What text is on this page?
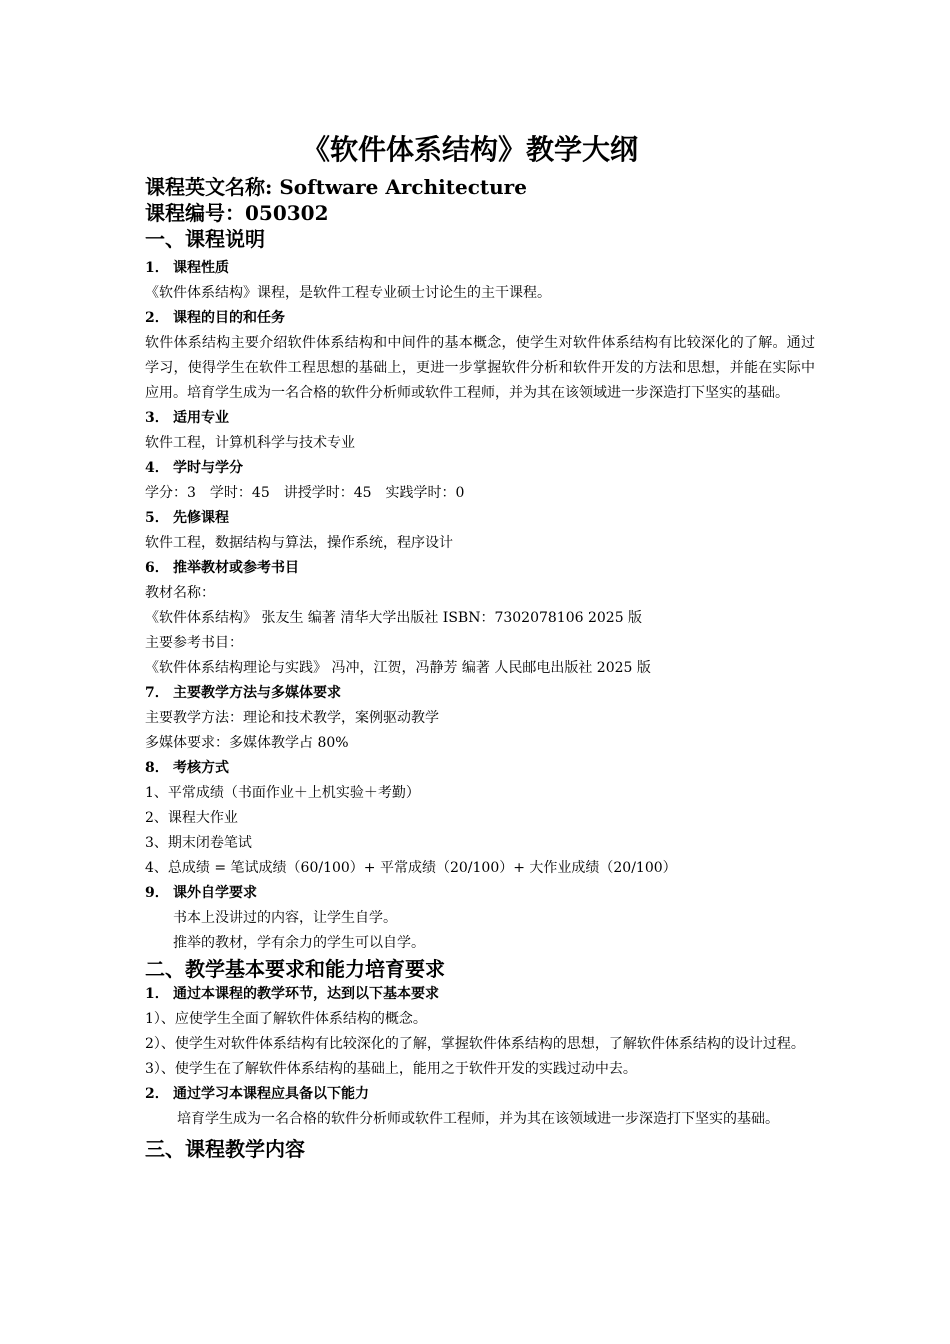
《软件体系结构》教学大纲
课程英文名称: Software Architecture
课程编号：050302
一、课程说明
1． 课程性质

《软件体系结构》课程，是软件工程专业硕士讨论生的主干课程。

2． 课程的目的和任务

软件体系结构主要介绍软件体系结构和中间件的基本概念，使学生对软件体系结构有比较深化的了解。通过学习，使得学生在软件工程思想的基础上，更进一步掌握软件分析和软件开发的方法和思想，并能在实际中应用。培育学生成为一名合格的软件分析师或软件工程师，并为其在该领域进一步深造打下坚实的基础。

3． 适用专业

软件工程，计算机科学与技术专业

4． 学时与学分

学分：3　学时：45　讲授学时：45　实践学时：0

5． 先修课程

软件工程，数据结构与算法，操作系统，程序设计

6． 推举教材或参考书目

教材名称：

《软件体系结构》 张友生 编著 清华大学出版社 ISBN：7302078106 2025 版

主要参考书目：

《软件体系结构理论与实践》 冯冲，江贺，冯静芳 编著 人民邮电出版社 2025 版

7． 主要教学方法与多媒体要求

主要教学方法：理论和技术教学，案例驱动教学

多媒体要求：多媒体教学占 80%

8． 考核方式

1、平常成绩（书面作业＋上机实验＋考勤）

2、课程大作业

3、期末闭卷笔试

4、总成绩 = 笔试成绩（60/100）+ 平常成绩（20/100）+ 大作业成绩（20/100）

9． 课外自学要求

书本上没讲过的内容，让学生自学。

推举的教材，学有余力的学生可以自学。

二、教学基本要求和能力培育要求
1． 通过本课程的教学环节，达到以下基本要求

1）、应使学生全面了解软件体系结构的概念。

2）、使学生对软件体系结构有比较深化的了解，掌握软件体系结构的思想，了解软件体系结构的设计过程。

3）、使学生在了解软件体系结构的基础上，能用之于软件开发的实践过动中去。

2． 通过学习本课程应具备以下能力

培育学生成为一名合格的软件分析师或软件工程师，并为其在该领域进一步深造打下坚实的基础。

三、课程教学内容
